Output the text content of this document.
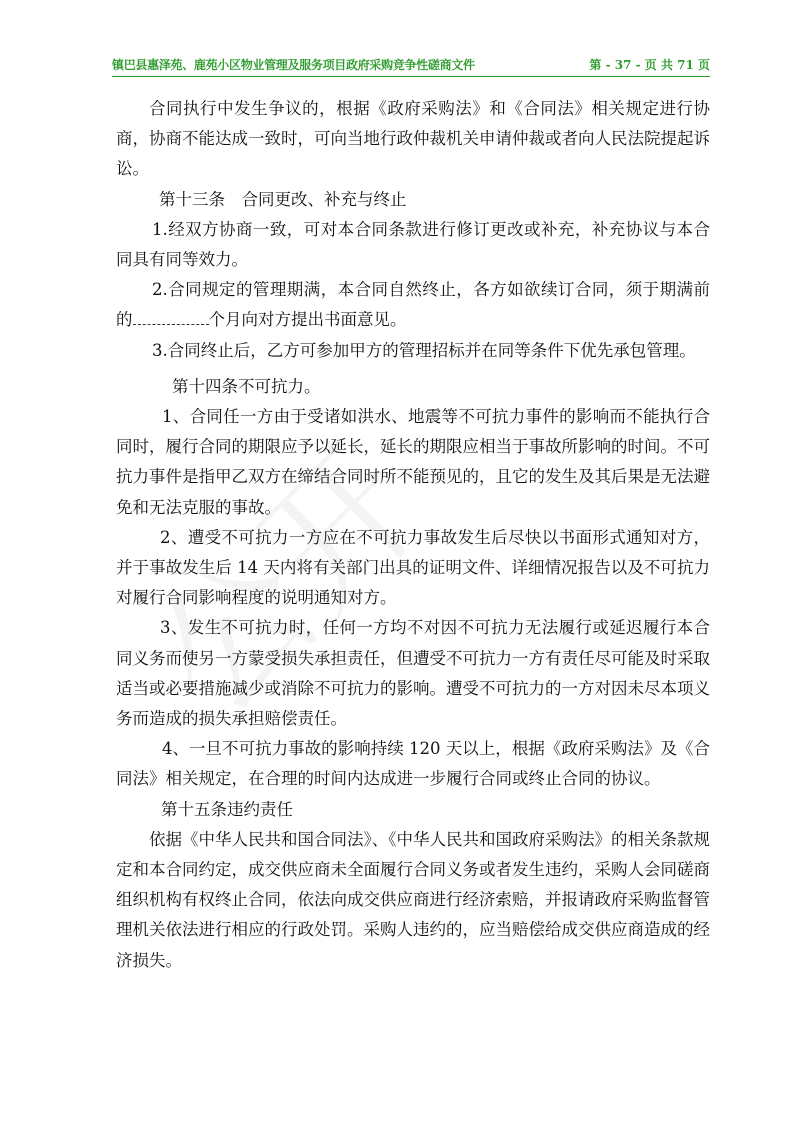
镇巴县惠泽苑、鹿苑小区物业管理及服务项目政府采购竞争性磋商文件	第 - 37 - 页 共 71 页

合同执行中发生争议的，根据《政府采购法》和《合同法》相关规定进行协商，协商不能达成一致时，可向当地行政仲裁机关申请仲裁或者向人民法院提起诉讼。

第十三条　合同更改、补充与终止

1.经双方协商一致，可对本合同条款进行修订更改或补充，补充协议与本合同具有同等效力。

2.合同规定的管理期满，本合同自然终止，各方如欲续订合同，须于期满前的	个月向对方提出书面意见。

3.合同终止后，乙方可参加甲方的管理招标并在同等条件下优先承包管理。

第十四条不可抗力。

1、合同任一方由于受诸如洪水、地震等不可抗力事件的影响而不能执行合同时，履行合同的期限应予以延长，延长的期限应相当于事故所影响的时间。不可抗力事件是指甲乙双方在缔结合同时所不能预见的，且它的发生及其后果是无法避免和无法克服的事故。

2、遭受不可抗力一方应在不可抗力事故发生后尽快以书面形式通知对方，并于事故发生后 14 天内将有关部门出具的证明文件、详细情况报告以及不可抗力对履行合同影响程度的说明通知对方。

3、发生不可抗力时，任何一方均不对因不可抗力无法履行或延迟履行本合同义务而使另一方蒙受损失承担责任，但遭受不可抗力一方有责任尽可能及时采取适当或必要措施减少或消除不可抗力的影响。遭受不可抗力的一方对因未尽本项义务而造成的损失承担赔偿责任。

4、一旦不可抗力事故的影响持续 120 天以上，根据《政府采购法》及《合同法》相关规定，在合理的时间内达成进一步履行合同或终止合同的协议。

第十五条违约责任

依据《中华人民共和国合同法》、《中华人民共和国政府采购法》的相关条款规定和本合同约定，成交供应商未全面履行合同义务或者发生违约，采购人会同磋商组织机构有权终止合同，依法向成交供应商进行经济索赔，并报请政府采购监督管理机关依法进行相应的行政处罚。采购人违约的，应当赔偿给成交供应商造成的经济损失。
